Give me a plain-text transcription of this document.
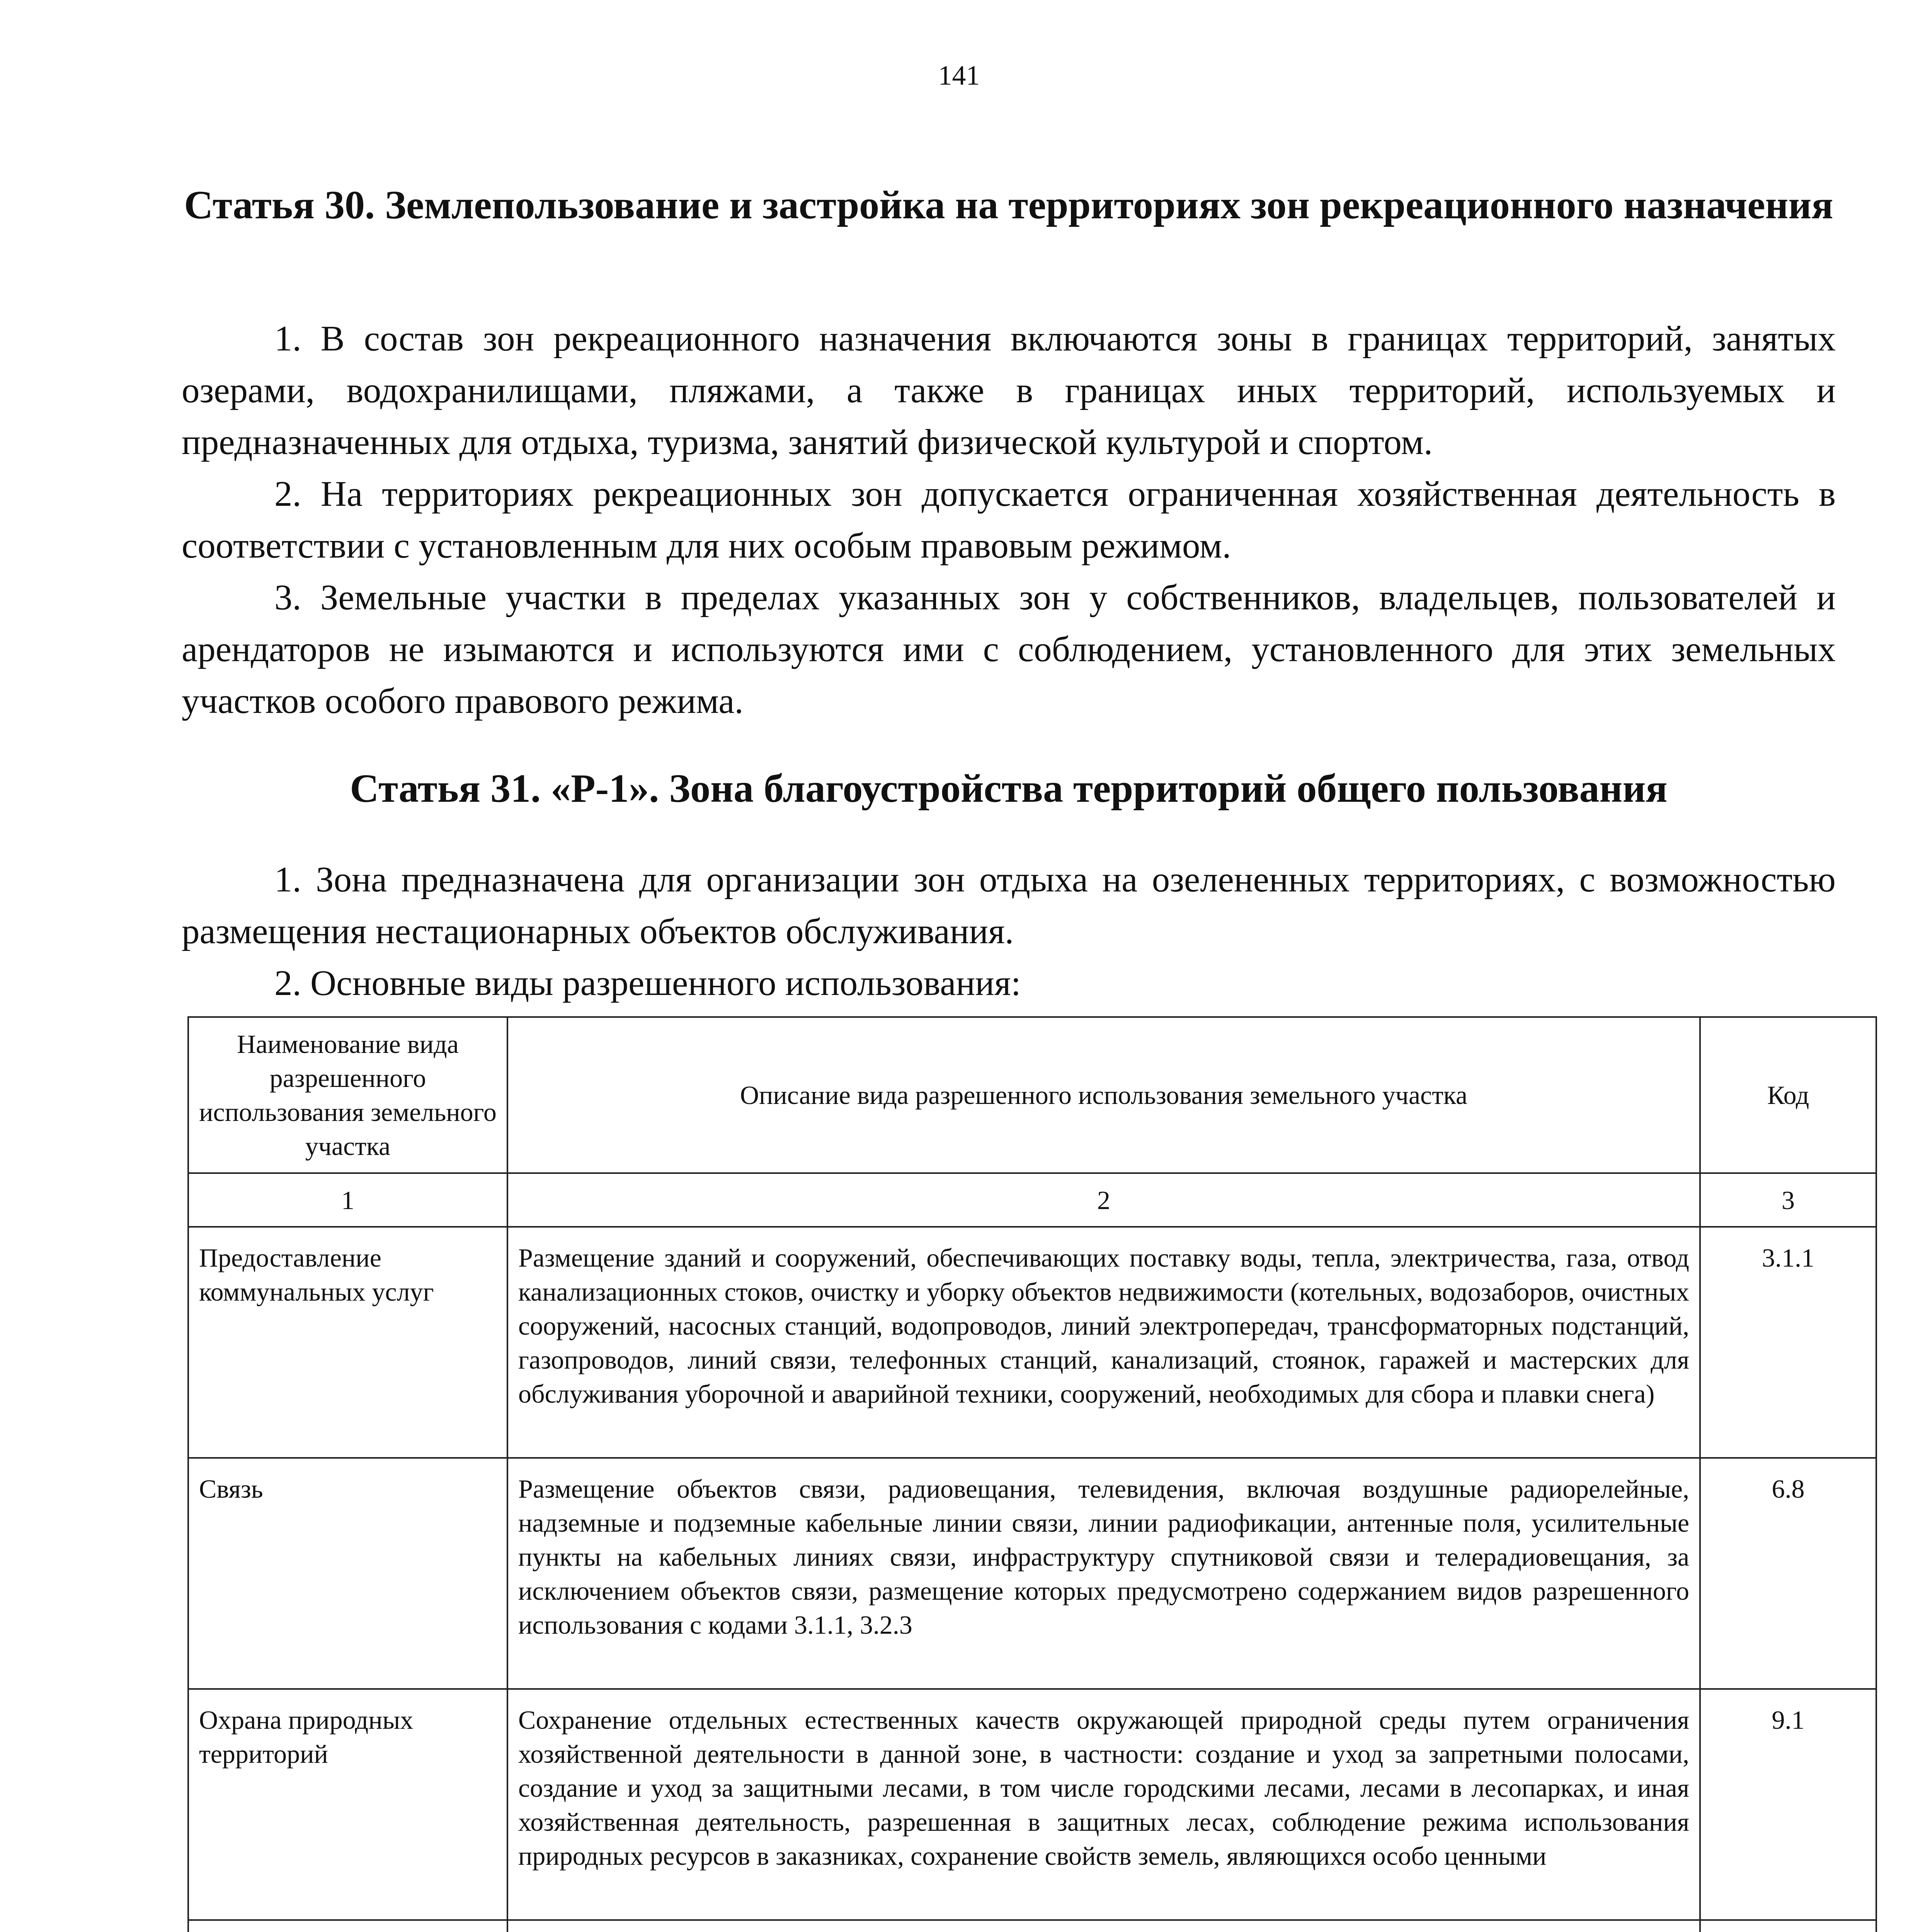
141
Статья 30. Землепользование и застройка на территориях зон рекреационного назначения

1. В состав зон рекреационного назначения включаются зоны в границах территорий, занятых озерами, водохранилищами, пляжами, а также в границах иных территорий, используемых и предназначенных для отдыха, туризма, занятий физической культурой и спортом.

2. На территориях рекреационных зон допускается ограниченная хозяйственная деятельность в соответствии с установленным для них особым правовым режимом.

3. Земельные участки в пределах указанных зон у собственников, владельцев, пользователей и арендаторов не изымаются и используются ими с соблюдением, установленного для этих земельных участков особого правового режима.

Статья 31. «Р-1». Зона благоустройства территорий общего пользования

1. Зона предназначена для организации зон отдыха на озелененных территориях, с возможностью размещения нестационарных объектов обслуживания.

2. Основные виды разрешенного использования:

Наименование вида разрешенного использования земельного участка	Описание вида разрешенного использования земельного участка	Код
1	2	3
Предоставление коммунальных услуг	Размещение зданий и сооружений, обеспечивающих поставку воды, тепла, электричества, газа, отвод канализационных стоков, очистку и уборку объектов недвижимости (котельных, водозаборов, очистных сооружений, насосных станций, водопроводов, линий электропередач, трансформаторных подстанций, газопроводов, линий связи, телефонных станций, канализаций, стоянок, гаражей и мастерских для обслуживания уборочной и аварийной техники, сооружений, необходимых для сбора и плавки снега)	3.1.1
Связь	Размещение объектов связи, радиовещания, телевидения, включая воздушные радиорелейные, надземные и подземные кабельные линии связи, линии радиофикации, антенные поля, усилительные пункты на кабельных линиях связи, инфраструктуру спутниковой связи и телерадиовещания, за исключением объектов связи, размещение которых предусмотрено содержанием видов разрешенного использования с кодами 3.1.1, 3.2.3	6.8
Охрана природных территорий	Сохранение отдельных естественных качеств окружающей природной среды путем ограничения хозяйственной деятельности в данной зоне, в частности: создание и уход за запретными полосами, создание и уход за защитными лесами, в том числе городскими лесами, лесами в лесопарках, и иная хозяйственная деятельность, разрешенная в защитных лесах, соблюдение режима использования природных ресурсов в заказниках, сохранение свойств земель, являющихся особо ценными	9.1
